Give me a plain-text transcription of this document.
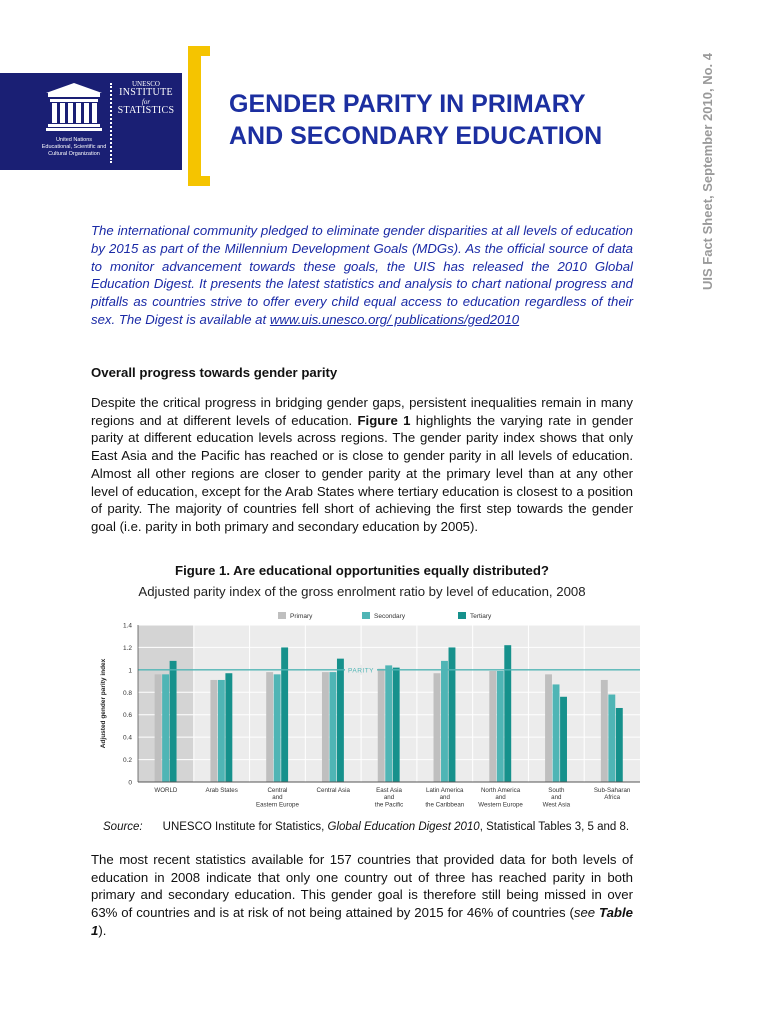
United Nations
Educational, Scientific and
Cultural Organization
UNESCO
INSTITUTE
for
STATISTICS GENDER PARITY IN PRIMARY
AND SECONDARY EDUCATION	UIS Fact Sheet, September 2010, No. 4

The international community pledged to eliminate gender disparities at all levels of education by 2015 as part of the Millennium Development Goals (MDGs). As the official source of data to monitor advancement towards these goals, the UIS has released the 2010 Global Education Digest. It presents the latest statistics and analysis to chart national progress and pitfalls as countries strive to offer every child equal access to education regardless of their sex. The Digest is available at www.uis.unesco.org/ publications/ged2010

Overall progress towards gender parity

Despite the critical progress in bridging gender gaps, persistent inequalities remain in many regions and at different levels of education. Figure 1 highlights the varying rate in gender parity at different education levels across regions. The gender parity index shows that only East Asia and the Pacific has reached or is close to gender parity in all levels of education. Almost all other regions are closer to gender parity at the primary level than at any other level of education, except for the Arab States where tertiary education is closest to a position of parity. The majority of countries fell short of achieving the first step towards the gender goal (i.e. parity in both primary and secondary education by 2005).

Figure 1. Are educational opportunities equally distributed?

Adjusted parity index of the gross enrolment ratio by level of education, 2008

0
0.2
0.4
0.6
0.8
1
1.2
1.4
PARITY
WORLD	Arab States	Central
and
Eastern Europe
Central Asia	East Asia
and
the Pacific
Latin America
and
the Caribbean
North America
and
Western Europe
South
and
West Asia
Sub-Saharan
Africa
Adjusted gender parity index
Primary	Secondary	Tertiary

Source: UNESCO Institute for Statistics, Global Education Digest 2010, Statistical Tables 3, 5 and 8.

The most recent statistics available for 157 countries that provided data for both levels of education in 2008 indicate that only one country out of three has reached parity in both primary and secondary education. This gender goal is therefore still being missed in over 63% of countries and is at risk of not being attained by 2015 for 46% of countries (see Table 1).
